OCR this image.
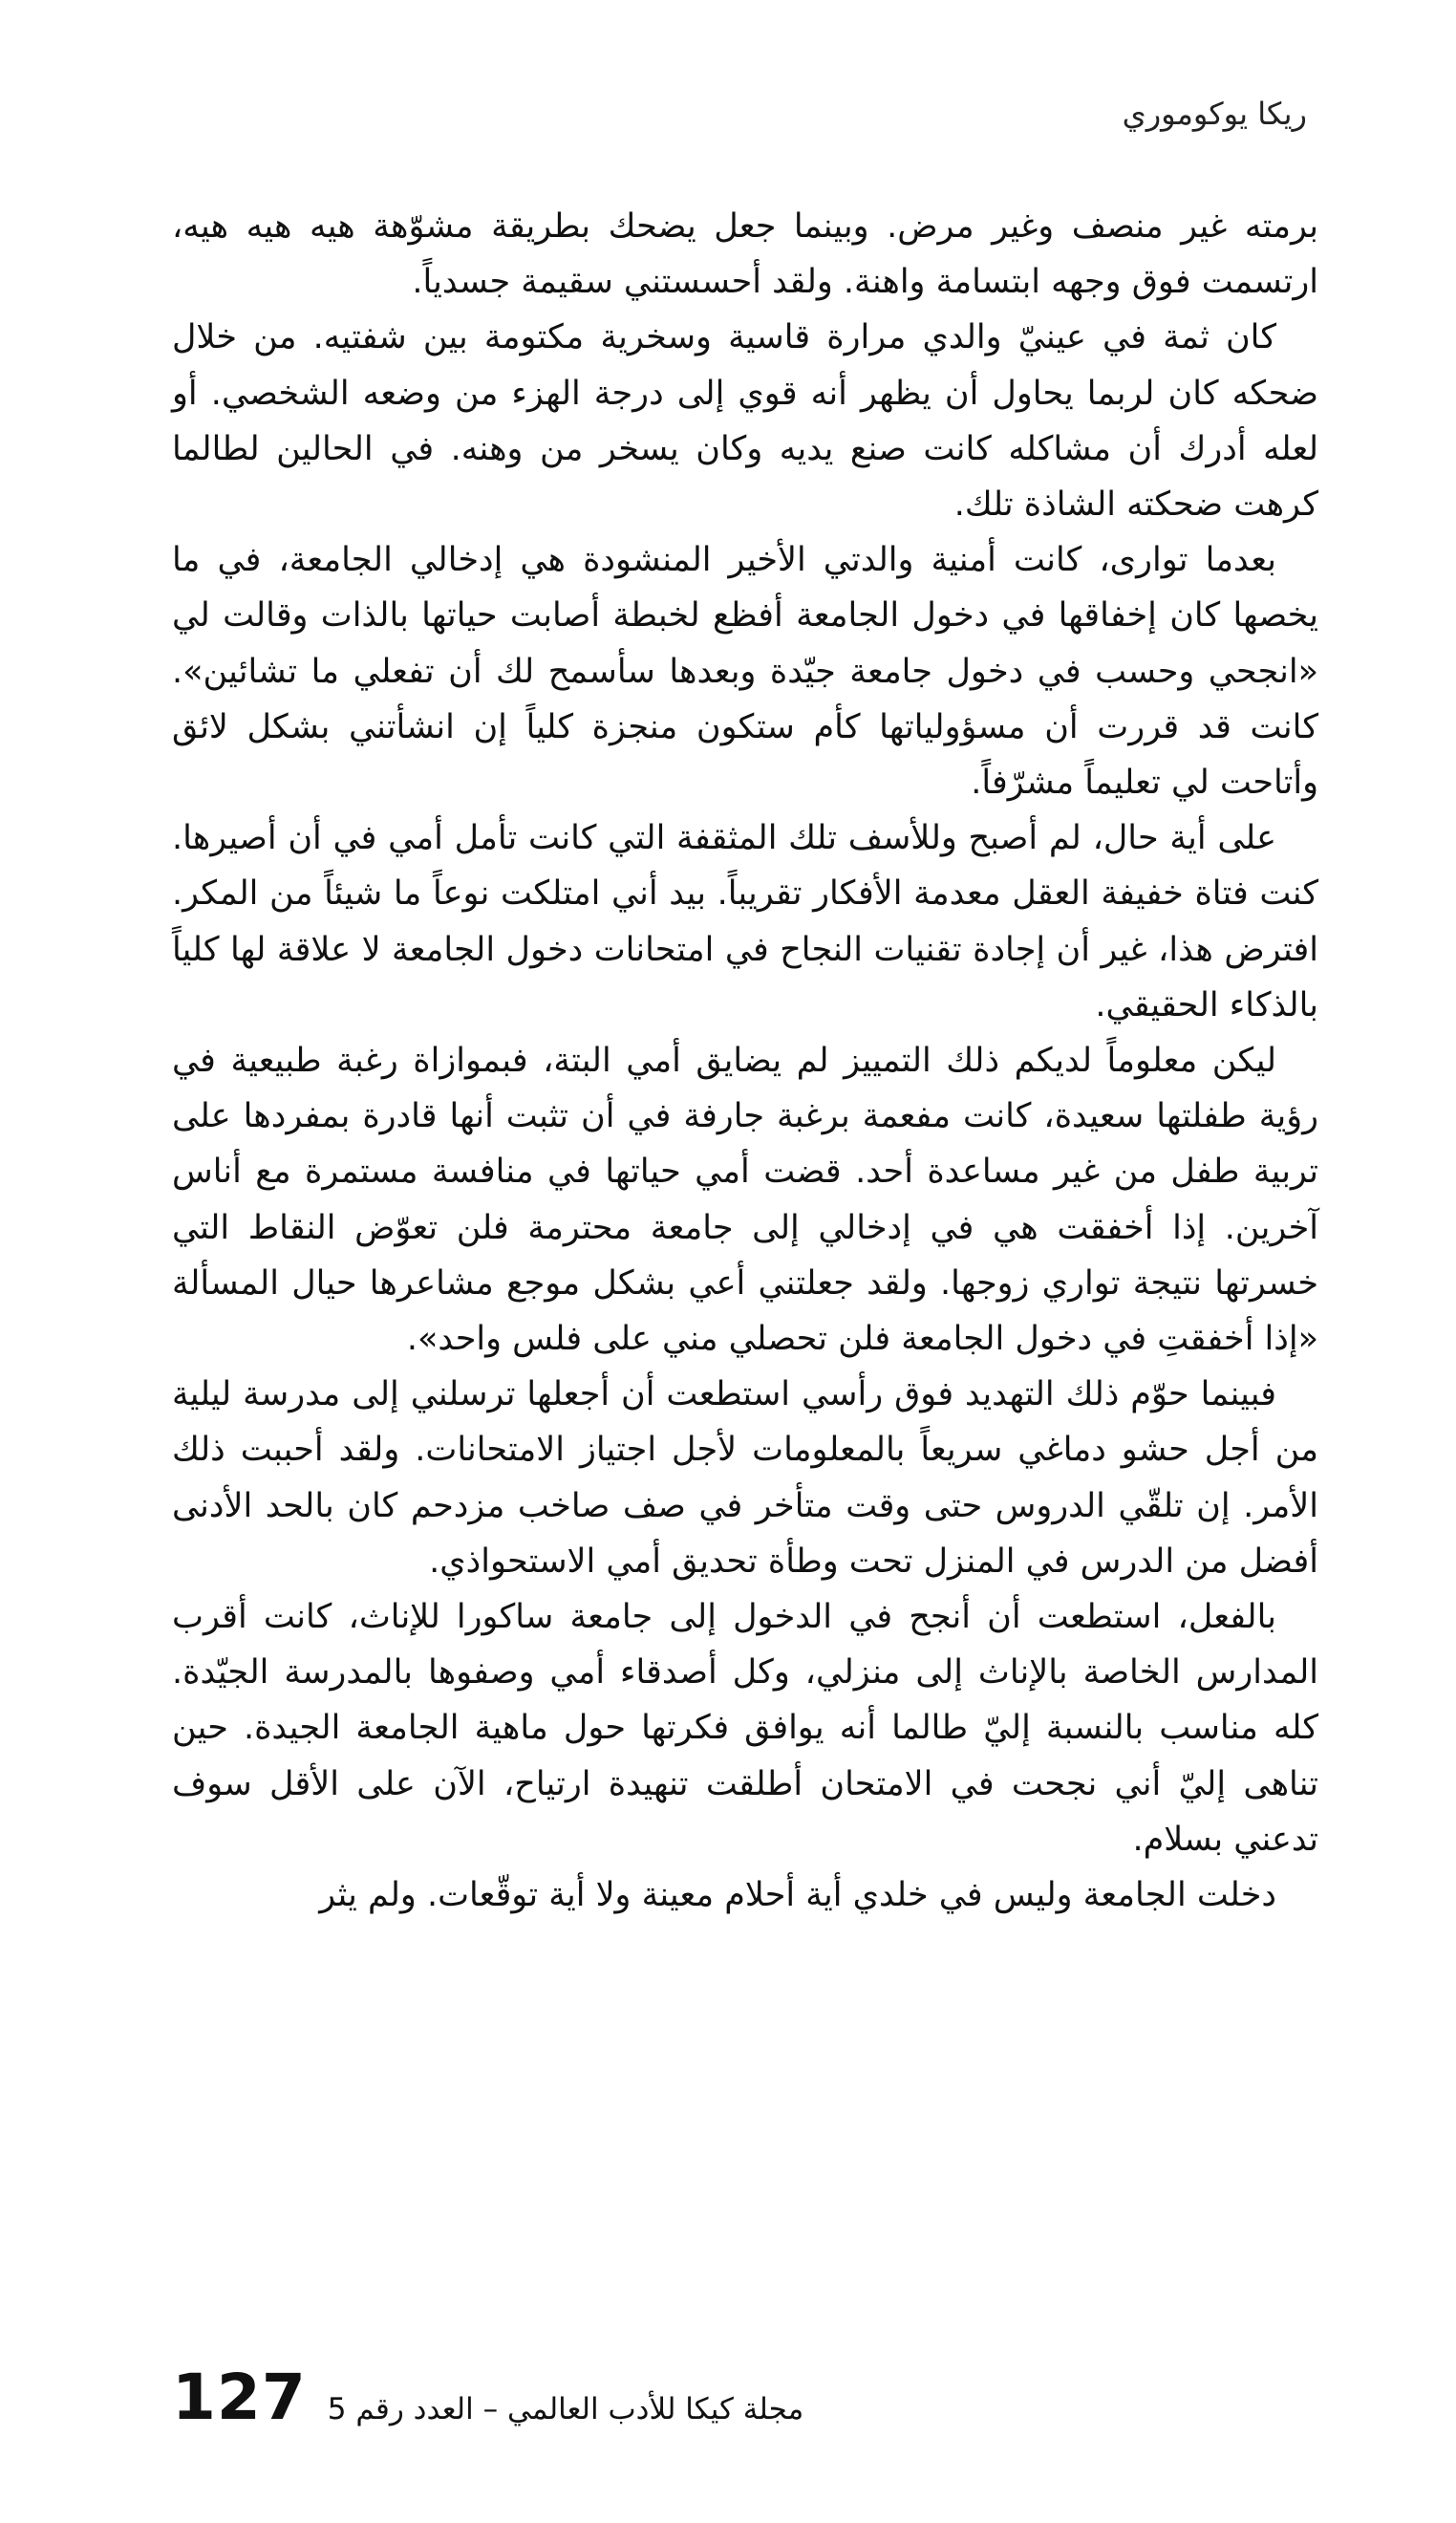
ريكا يوكوموري

برمته غير منصف وغير مرض. وبينما جعل يضحك بطريقة مشوّهة هيه هيه هيه، ارتسمت فوق وجهه ابتسامة واهنة. ولقد أحسستني سقيمة جسدياً.

كان ثمة في عينيّ والدي مرارة قاسية وسخرية مكتومة بين شفتيه. من خلال ضحكه كان لربما يحاول أن يظهر أنه قوي إلى درجة الهزء من وضعه الشخصي. أو لعله أدرك أن مشاكله كانت صنع يديه وكان يسخر من وهنه. في الحالين لطالما كرهت ضحكته الشاذة تلك.

بعدما توارى، كانت أمنية والدتي الأخير المنشودة هي إدخالي الجامعة، في ما يخصها كان إخفاقها في دخول الجامعة أفظع لخبطة أصابت حياتها بالذات وقالت لي «انجحي وحسب في دخول جامعة جيّدة وبعدها سأسمح لك أن تفعلي ما تشائين». كانت قد قررت أن مسؤولياتها كأم ستكون منجزة كلياً إن انشأتني بشكل لائق وأتاحت لي تعليماً مشرّفاً.

على أية حال، لم أصبح وللأسف تلك المثقفة التي كانت تأمل أمي في أن أصيرها. كنت فتاة خفيفة العقل معدمة الأفكار تقريباً. بيد أني امتلكت نوعاً ما شيئاً من المكر. افترض هذا، غير أن إجادة تقنيات النجاح في امتحانات دخول الجامعة لا علاقة لها كلياً بالذكاء الحقيقي.

ليكن معلوماً لديكم ذلك التمييز لم يضايق أمي البتة، فبموازاة رغبة طبيعية في رؤية طفلتها سعيدة، كانت مفعمة برغبة جارفة في أن تثبت أنها قادرة بمفردها على تربية طفل من غير مساعدة أحد. قضت أمي حياتها في منافسة مستمرة مع أناس آخرين. إذا أخفقت هي في إدخالي إلى جامعة محترمة فلن تعوّض النقاط التي خسرتها نتيجة تواري زوجها. ولقد جعلتني أعي بشكل موجع مشاعرها حيال المسألة «إذا أخفقتِ في دخول الجامعة فلن تحصلي مني على فلس واحد».

فبينما حوّم ذلك التهديد فوق رأسي استطعت أن أجعلها ترسلني إلى مدرسة ليلية من أجل حشو دماغي سريعاً بالمعلومات لأجل اجتياز الامتحانات. ولقد أحببت ذلك الأمر. إن تلقّي الدروس حتى وقت متأخر في صف صاخب مزدحم كان بالحد الأدنى أفضل من الدرس في المنزل تحت وطأة تحديق أمي الاستحواذي.

بالفعل، استطعت أن أنجح في الدخول إلى جامعة ساكورا للإناث، كانت أقرب المدارس الخاصة بالإناث إلى منزلي، وكل أصدقاء أمي وصفوها بالمدرسة الجيّدة. كله مناسب بالنسبة إليّ طالما أنه يوافق فكرتها حول ماهية الجامعة الجيدة. حين تناهى إليّ أني نجحت في الامتحان أطلقت تنهيدة ارتياح، الآن على الأقل سوف تدعني بسلام.

دخلت الجامعة وليس في خلدي أية أحلام معينة ولا أية توقّعات. ولم يثر

مجلة كيكا للأدب العالمي – العدد رقم 5
127
